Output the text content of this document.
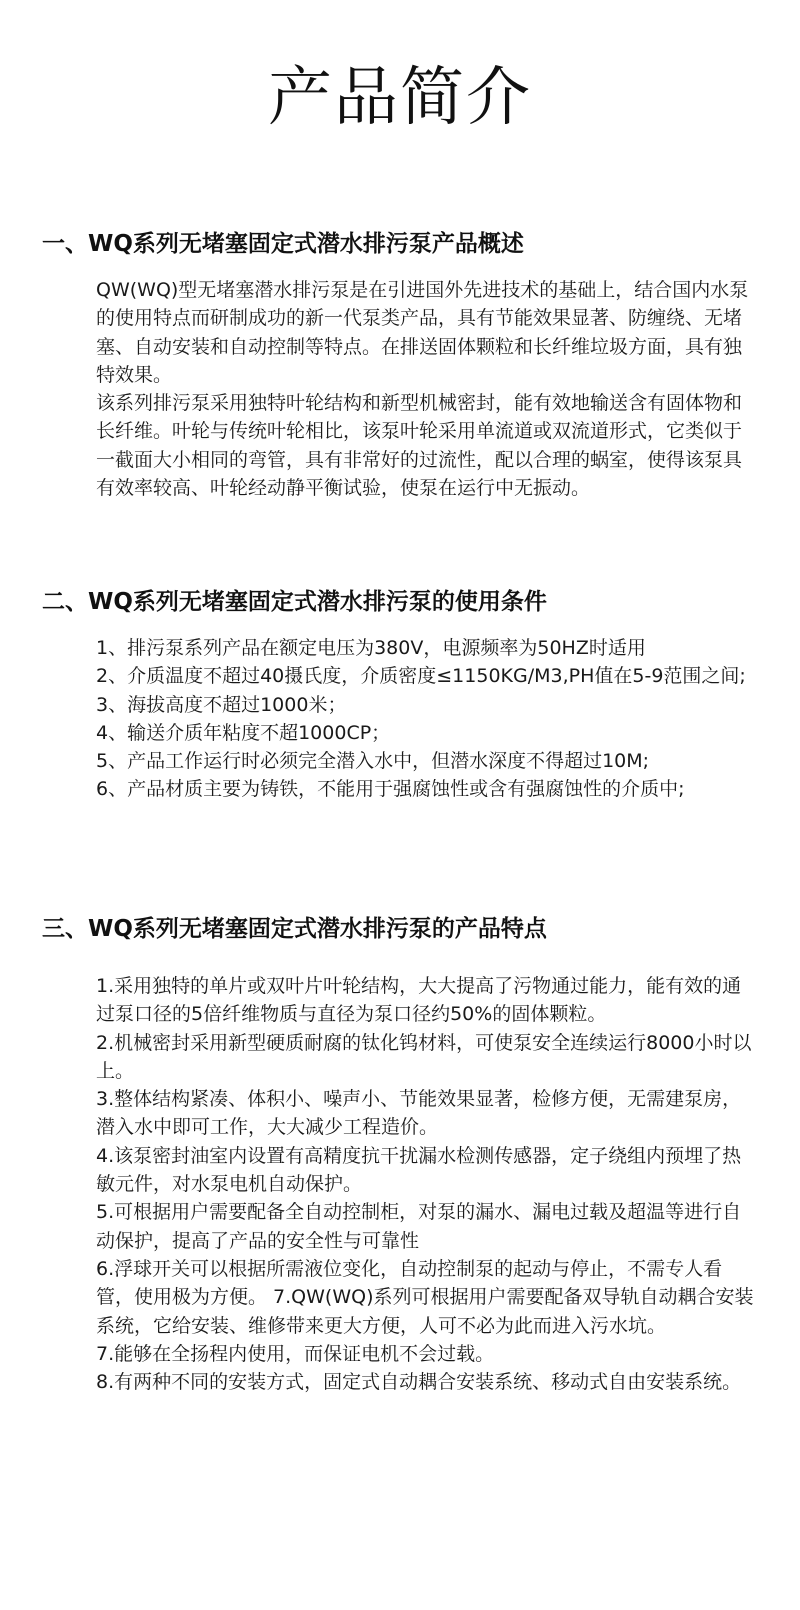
产品简介
一、WQ系列无堵塞固定式潜水排污泵产品概述

QW(WQ)型无堵塞潜水排污泵是在引进国外先进技术的基础上，结合国内水泵的使用特点而研制成功的新一代泵类产品，具有节能效果显著、防缠绕、无堵塞、自动安装和自动控制等特点。在排送固体颗粒和长纤维垃圾方面，具有独特效果。

该系列排污泵采用独特叶轮结构和新型机械密封，能有效地输送含有固体物和长纤维。叶轮与传统叶轮相比，该泵叶轮采用单流道或双流道形式，它类似于一截面大小相同的弯管，具有非常好的过流性，配以合理的蜗室，使得该泵具有效率较高、叶轮经动静平衡试验，使泵在运行中无振动。

二、WQ系列无堵塞固定式潜水排污泵的使用条件

1、排污泵系列产品在额定电压为380V，电源频率为50HZ时适用

2、介质温度不超过40摄氏度，介质密度≤1150KG/M3,PH值在5-9范围之间;

3、海拔高度不超过1000米；

4、输送介质年粘度不超1000CP；

5、产品工作运行时必须完全潜入水中，但潜水深度不得超过10M;

6、产品材质主要为铸铁，不能用于强腐蚀性或含有强腐蚀性的介质中;

三、WQ系列无堵塞固定式潜水排污泵的产品特点

1.采用独特的单片或双叶片叶轮结构，大大提高了污物通过能力，能有效的通过泵口径的5倍纤维物质与直径为泵口径约50%的固体颗粒。

2.机械密封采用新型硬质耐腐的钛化钨材料，可使泵安全连续运行8000小时以上。

3.整体结构紧凑、体积小、噪声小、节能效果显著，检修方便，无需建泵房，潜入水中即可工作，大大减少工程造价。

4.该泵密封油室内设置有高精度抗干扰漏水检测传感器，定子绕组内预埋了热敏元件，对水泵电机自动保护。

5.可根据用户需要配备全自动控制柜，对泵的漏水、漏电过载及超温等进行自动保护，提高了产品的安全性与可靠性

6.浮球开关可以根据所需液位变化，自动控制泵的起动与停止，不需专人看管，使用极为方便。 7.QW(WQ)系列可根据用户需要配备双导轨自动耦合安装系统，它给安装、维修带来更大方便，人可不必为此而进入污水坑。

7.能够在全扬程内使用，而保证电机不会过载。

8.有两种不同的安装方式，固定式自动耦合安装系统、移动式自由安装系统。
